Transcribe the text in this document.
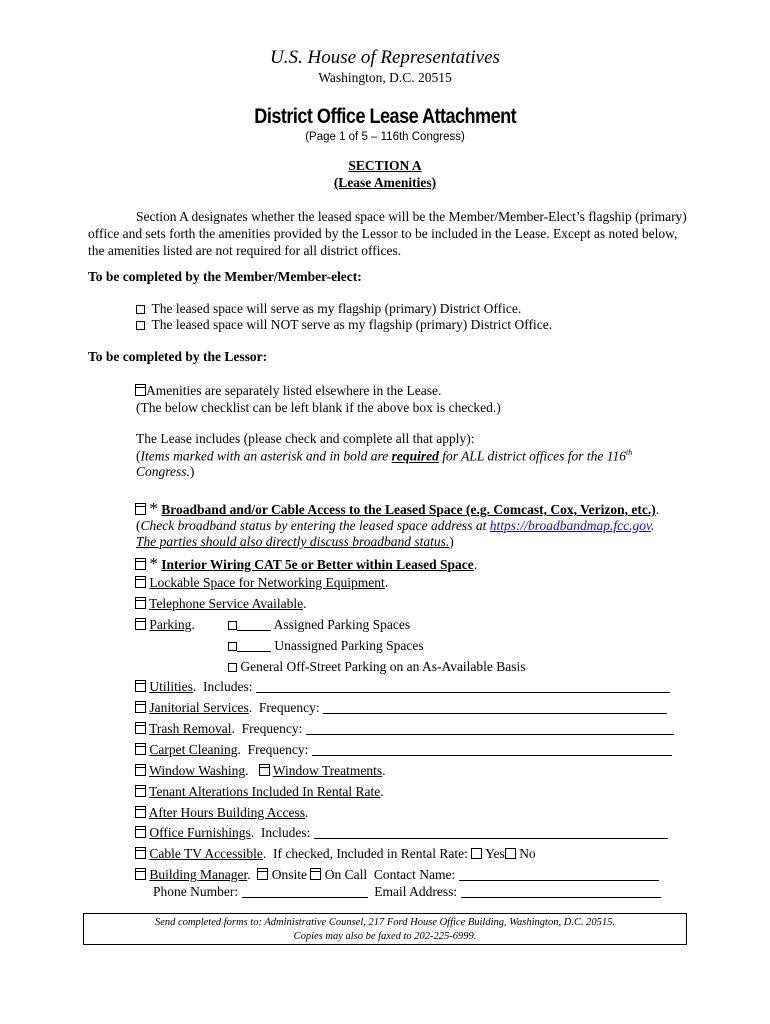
U.S. House of Representatives
Washington, D.C. 20515
District Office Lease Attachment
(Page 1 of 5 – 116th Congress)
SECTION A
(Lease Amenities)
Section A designates whether the leased space will be the Member/Member-Elect’s flagship (primary) office and sets forth the amenities provided by the Lessor to be included in the Lease. Except as noted below, the amenities listed are not required for all district offices.
To be completed by the Member/Member-elect:
The leased space will serve as my flagship (primary) District Office.
The leased space will NOT serve as my flagship (primary) District Office.
To be completed by the Lessor:
Amenities are separately listed elsewhere in the Lease.
(The below checklist can be left blank if the above box is checked.)
The Lease includes (please check and complete all that apply):
(Items marked with an asterisk and in bold are required for ALL district offices for the 116th
Congress.)
* Broadband and/or Cable Access to the Leased Space (e.g. Comcast, Cox, Verizon, etc.).
(Check broadband status by entering the leased space address at https://broadbandmap.fcc.gov.
The parties should also directly discuss broadband status.)
* Interior Wiring CAT 5e or Better within Leased Space.
Lockable Space for Networking Equipment.
Telephone Service Available.
Parking.	Assigned Parking Spaces
Unassigned Parking Spaces
General Off-Street Parking on an As-Available Basis
Utilities.  Includes:
Janitorial Services.  Frequency:
Trash Removal.  Frequency:
Carpet Cleaning.  Frequency:
Window Washing.    Window Treatments.
Tenant Alterations Included In Rental Rate.
After Hours Building Access.
Office Furnishings.  Includes:
Cable TV Accessible.  If checked, Included in Rental Rate: Yes No
Building Manager.   Onsite On Call Contact Name:
Phone Number:	Email Address:
Send completed forms to: Administrative Counsel, 217 Ford House Office Building, Washington, D.C. 20515.
Copies may also be faxed to 202-225-6999.
